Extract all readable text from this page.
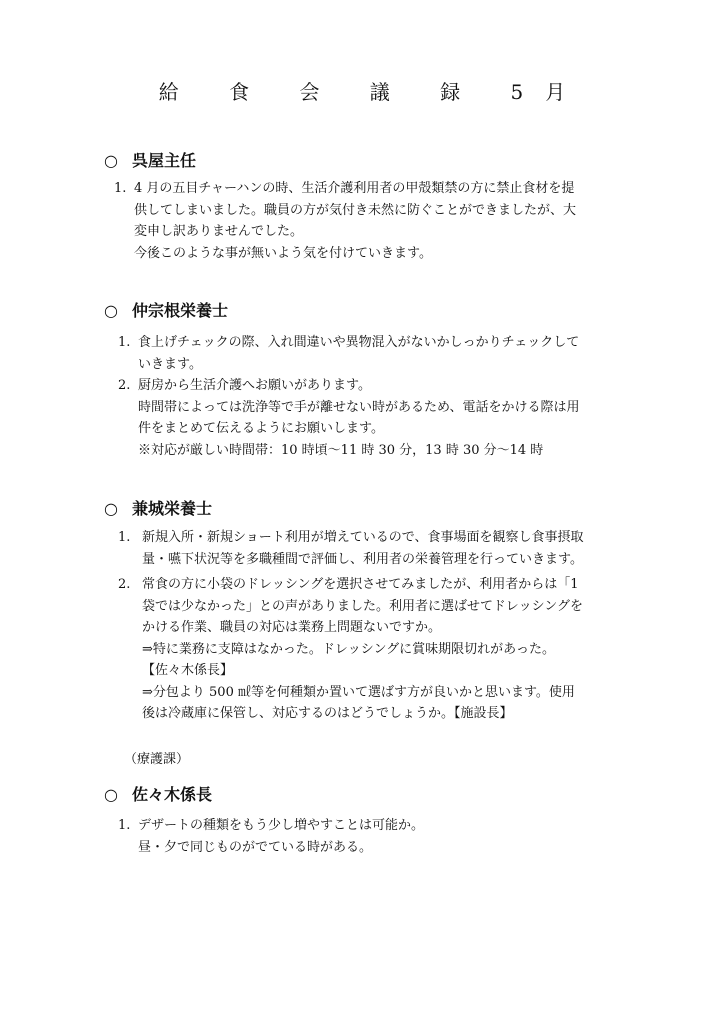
給 食 会 議 録 5月
○ 呉屋主任
1. 4 月の五目チャーハンの時、生活介護利用者の甲殻類禁の方に禁止食材を提
供してしまいました。職員の方が気付き未然に防ぐことができましたが、大
変申し訳ありませんでした。
今後このような事が無いよう気を付けていきます。
○ 仲宗根栄養士
1. 食上げチェックの際、入れ間違いや異物混入がないかしっかりチェックして
いきます。
2. 厨房から生活介護へお願いがあります。
時間帯によっては洗浄等で手が離せない時があるため、電話をかける際は用
件をまとめて伝えるようにお願いします。
※対応が厳しい時間帯：10 時頃～11 時 30 分，13 時 30 分～14 時
○ 兼城栄養士
1. 新規入所・新規ショート利用が増えているので、食事場面を観察し食事摂取
量・嚥下状況等を多職種間で評価し、利用者の栄養管理を行っていきます。
2. 常食の方に小袋のドレッシングを選択させてみましたが、利用者からは「1
袋では少なかった」との声がありました。利用者に選ばせてドレッシングを
かける作業、職員の対応は業務上問題ないですか。
⇒特に業務に支障はなかった。ドレッシングに賞味期限切れがあった。
【佐々木係長】
⇒分包より 500 ㎖等を何種類か置いて選ばす方が良いかと思います。使用
後は冷蔵庫に保管し、対応するのはどうでしょうか。【施設長】
（療護課）
○ 佐々木係長
1. デザートの種類をもう少し増やすことは可能か。
昼・夕で同じものがでている時がある。
